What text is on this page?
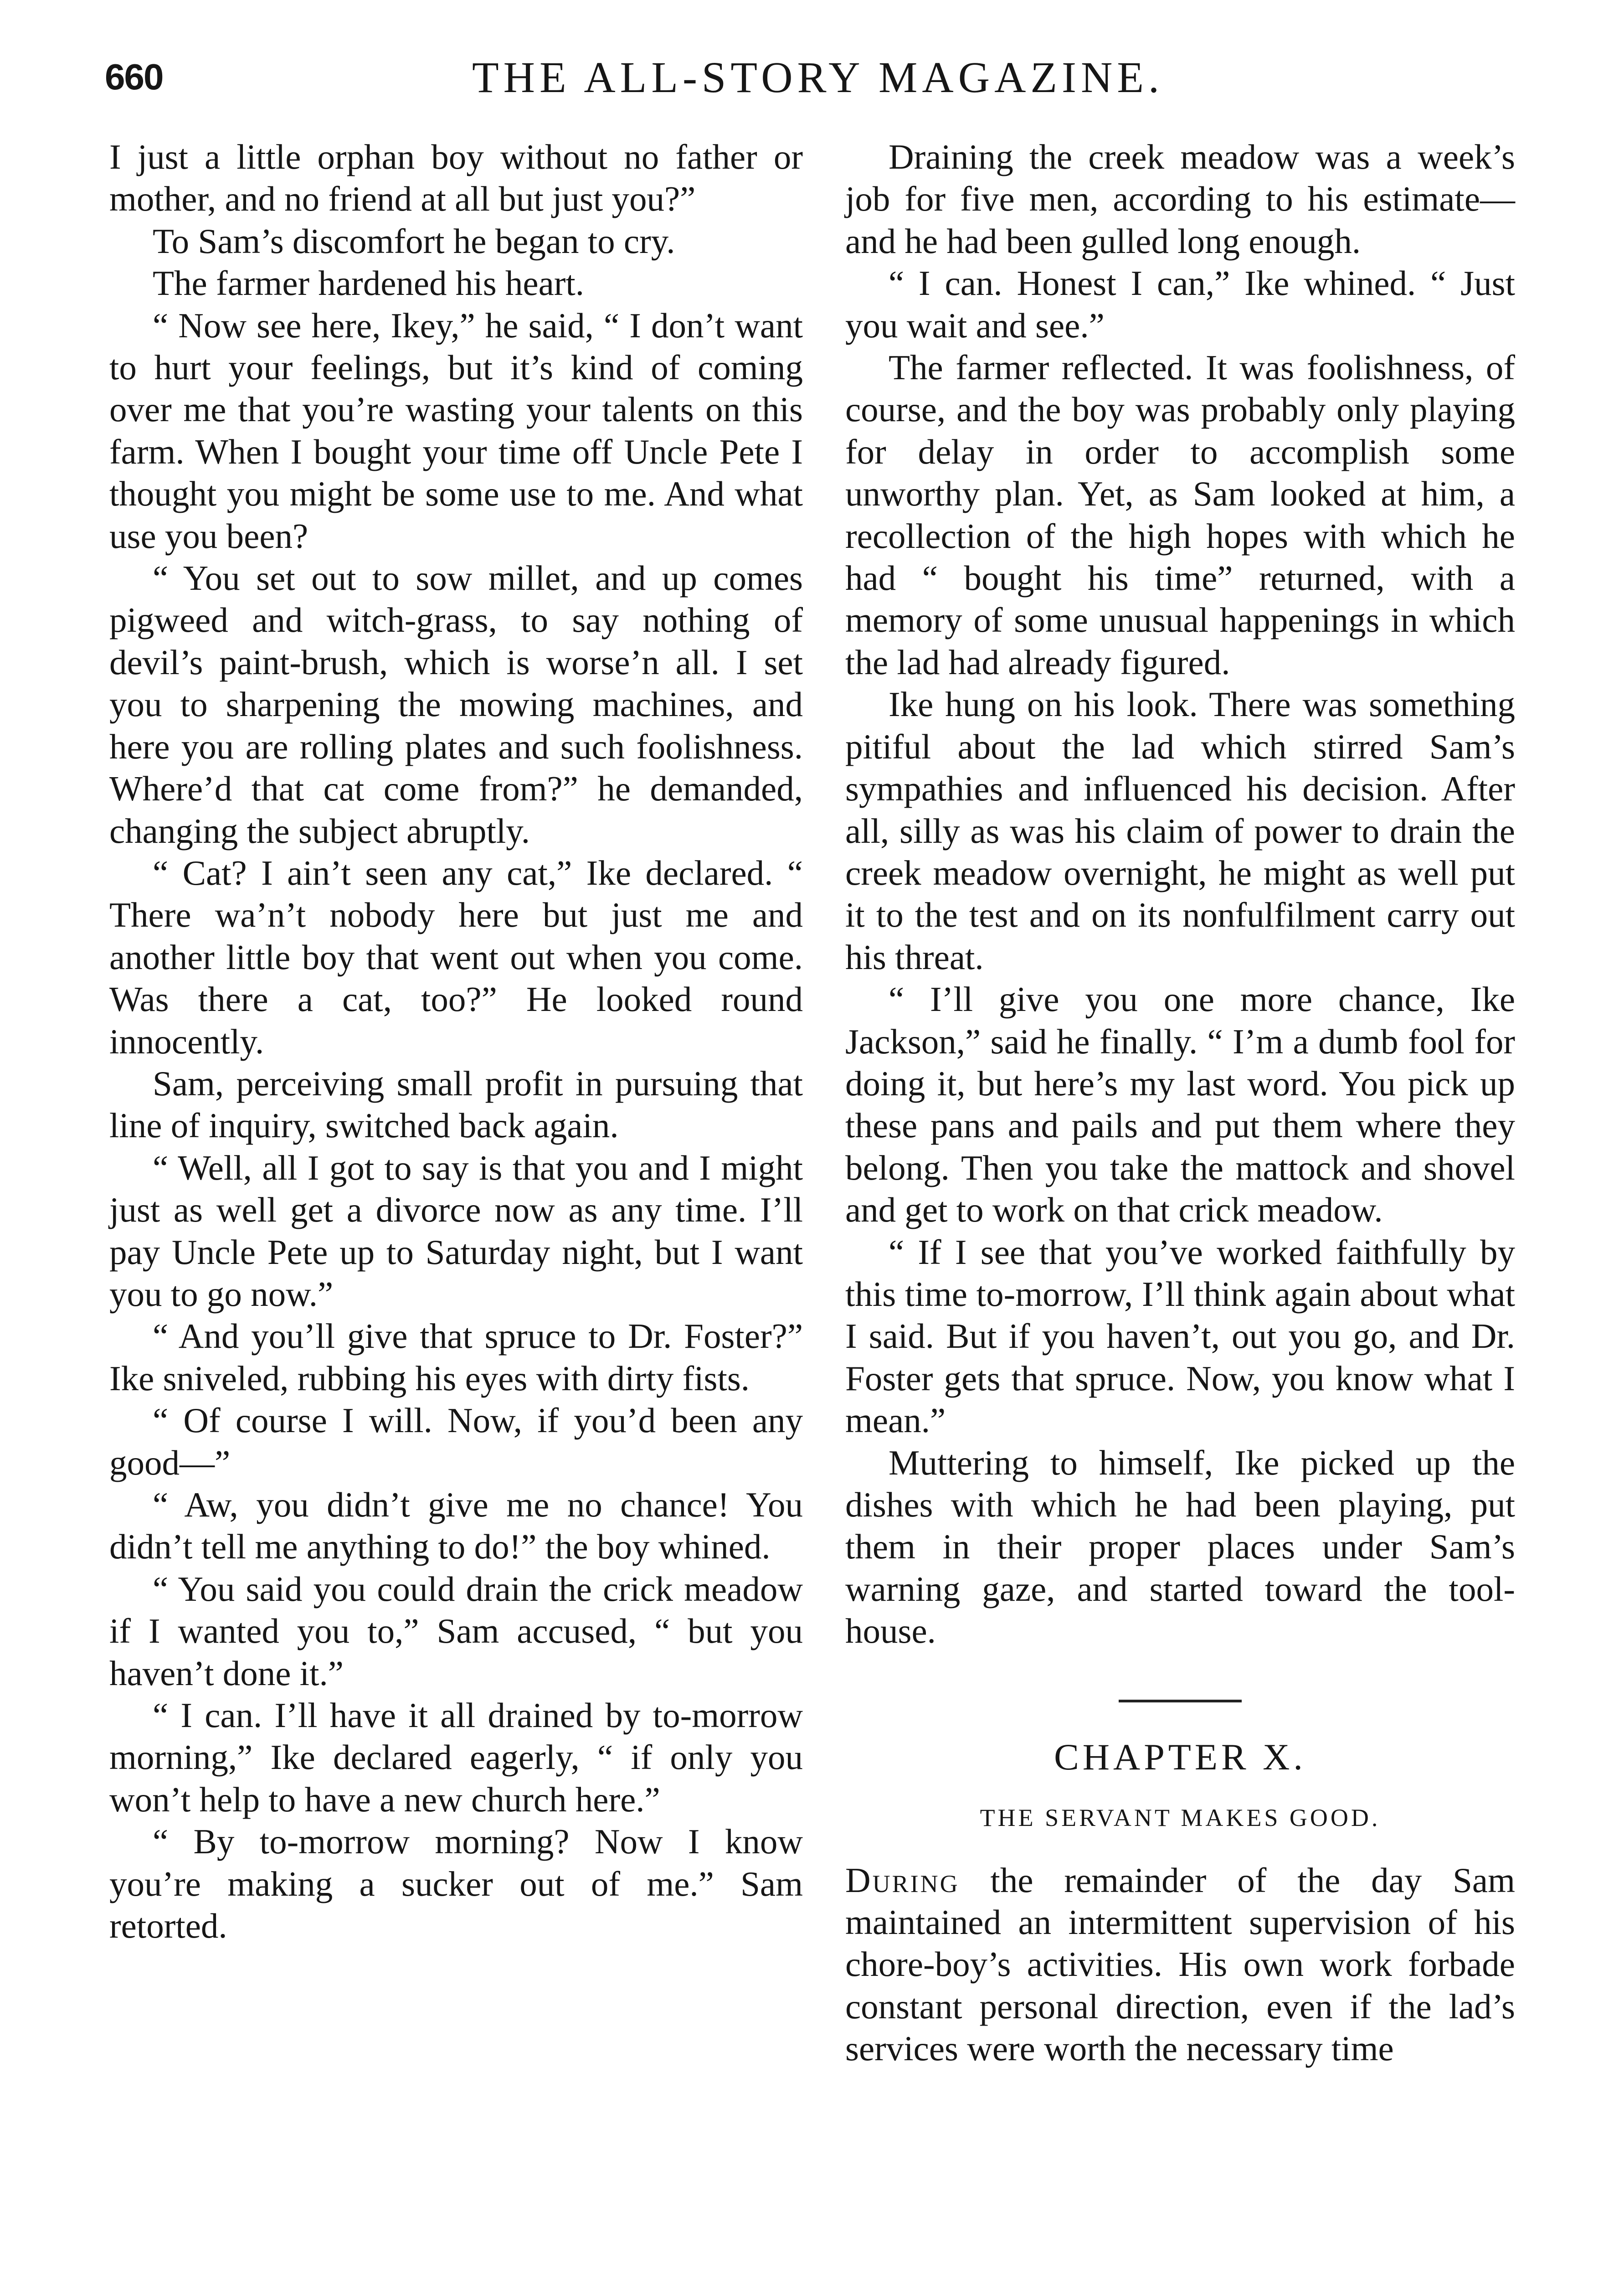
660	THE ALL-STORY MAGAZINE.

I just a little orphan boy without no father or mother, and no friend at all but just you?”

To Sam’s discomfort he began to cry.

The farmer hardened his heart.

“ Now see here, Ikey,” he said, “ I don’t want to hurt your feelings, but it’s kind of coming over me that you’re wasting your talents on this farm. When I bought your time off Uncle Pete I thought you might be some use to me. And what use you been?

“ You set out to sow millet, and up comes pigweed and witch-grass, to say nothing of devil’s paint-brush, which is worse’n all. I set you to sharpening the mowing machines, and here you are rolling plates and such foolishness. Where’d that cat come from?” he demanded, changing the subject abruptly.

“ Cat? I ain’t seen any cat,” Ike declared. “ There wa’n’t nobody here but just me and another little boy that went out when you come. Was there a cat, too?” He looked round innocently.

Sam, perceiving small profit in pursuing that line of inquiry, switched back again.

“ Well, all I got to say is that you and I might just as well get a divorce now as any time. I’ll pay Uncle Pete up to Saturday night, but I want you to go now.”

“ And you’ll give that spruce to Dr. Foster?” Ike sniveled, rubbing his eyes with dirty fists.

“ Of course I will. Now, if you’d been any good—”

“ Aw, you didn’t give me no chance! You didn’t tell me anything to do!” the boy whined.

“ You said you could drain the crick meadow if I wanted you to,” Sam accused, “ but you haven’t done it.”

“ I can. I’ll have it all drained by to-morrow morning,” Ike declared eagerly, “ if only you won’t help to have a new church here.”

“ By to-morrow morning? Now I know you’re making a sucker out of me.” Sam retorted.

Draining the creek meadow was a week’s job for five men, according to his estimate—and he had been gulled long enough.

“ I can. Honest I can,” Ike whined. “ Just you wait and see.”

The farmer reflected. It was foolishness, of course, and the boy was probably only playing for delay in order to accomplish some unworthy plan. Yet, as Sam looked at him, a recollection of the high hopes with which he had “ bought his time” returned, with a memory of some unusual happenings in which the lad had already figured.

Ike hung on his look. There was something pitiful about the lad which stirred Sam’s sympathies and influenced his decision. After all, silly as was his claim of power to drain the creek meadow overnight, he might as well put it to the test and on its nonfulfilment carry out his threat.

“ I’ll give you one more chance, Ike Jackson,” said he finally. “ I’m a dumb fool for doing it, but here’s my last word. You pick up these pans and pails and put them where they belong. Then you take the mattock and shovel and get to work on that crick meadow.

“ If I see that you’ve worked faithfully by this time to-morrow, I’ll think again about what I said. But if you haven’t, out you go, and Dr. Foster gets that spruce. Now, you know what I mean.”

Muttering to himself, Ike picked up the dishes with which he had been playing, put them in their proper places under Sam’s warning gaze, and started toward the tool-house.

CHAPTER X.
THE SERVANT MAKES GOOD.

During the remainder of the day Sam maintained an intermittent supervision of his chore-boy’s activities. His own work forbade constant personal direction, even if the lad’s services were worth the necessary time
